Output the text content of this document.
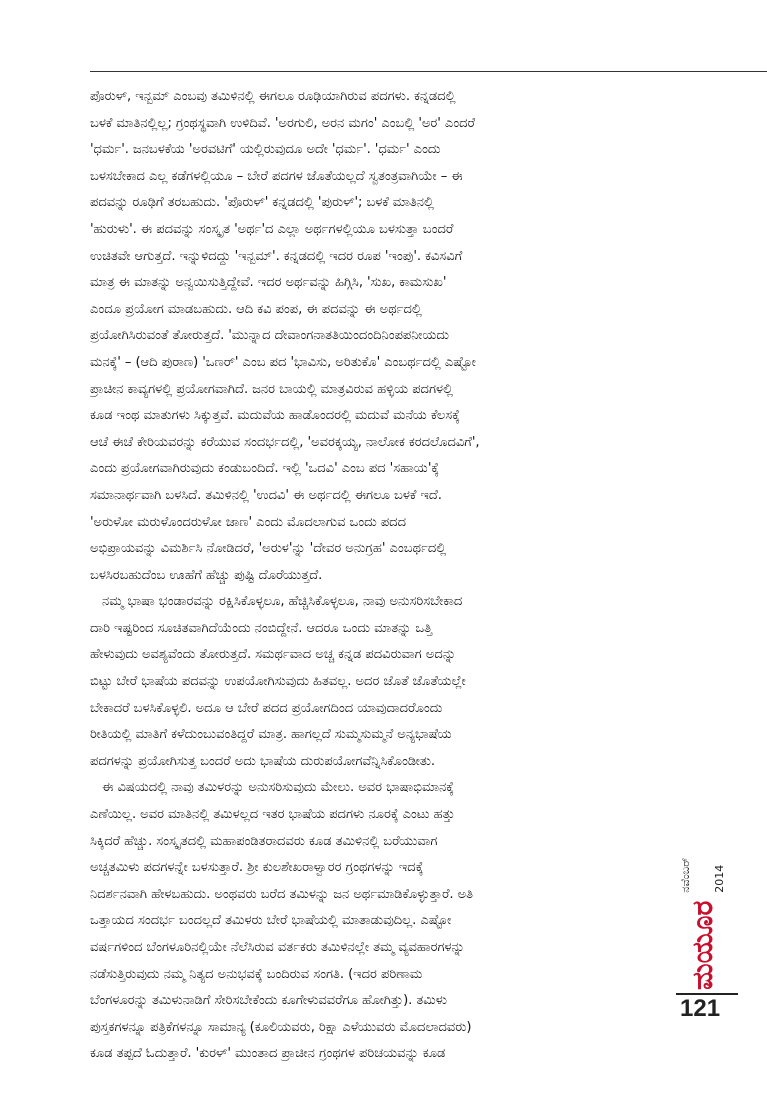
ಪೊರುಳ್, ಇನ್ಬಮ್ ಎಂಬವು ತಮಿಳಿನಲ್ಲಿ ಈಗಲೂ ರೂಢಿಯಾಗಿರುವ ಪದಗಳು. ಕನ್ನಡದಲ್ಲಿ
ಬಳಕೆ ಮಾತಿನಲ್ಲಿಲ್ಲ; ಗ್ರಂಥಸ್ಥವಾಗಿ ಉಳಿದಿವೆ. 'ಅರಗುಲಿ, ಅರನ ಮಗಂ' ಎಂಬಲ್ಲಿ 'ಅರ' ಎಂದರೆ
'ಧರ್ಮ'. ಜನಬಳಕೆಯ 'ಅರವಟಿಗೆ' ಯಲ್ಲಿರುವುದೂ ಅದೇ 'ಧರ್ಮ'. 'ಧರ್ಮ' ಎಂದು
ಬಳಸಬೇಕಾದ ಎಲ್ಲ ಕಡೆಗಳಲ್ಲಿಯೂ – ಬೇರೆ ಪದಗಳ ಜೊತೆಯಲ್ಲದೆ ಸ್ವತಂತ್ರವಾಗಿಯೇ – ಈ
ಪದವನ್ನು ರೂಢಿಗೆ ತರಬಹುದು. 'ಪೊರುಳ್' ಕನ್ನಡದಲ್ಲಿ 'ಪುರುಳ್'; ಬಳಕೆ ಮಾತಿನಲ್ಲಿ
'ಹುರುಳು'. ಈ ಪದವನ್ನು ಸಂಸ್ಕೃತ 'ಅರ್ಥ'ದ ಎಲ್ಲಾ ಅರ್ಥಗಳಲ್ಲಿಯೂ ಬಳಸುತ್ತಾ ಬಂದರೆ
ಉಚಿತವೇ ಆಗುತ್ತದೆ. ಇನ್ನುಳಿದದ್ದು 'ಇನ್ಬಮ್'. ಕನ್ನಡದಲ್ಲಿ ಇದರ ರೂಪ 'ಇಂಪು'. ಕವಿಸವಿಗೆ
ಮಾತ್ರ ಈ ಮಾತನ್ನು ಅನ್ವಯಿಸುತ್ತಿದ್ದೇವೆ. ಇದರ ಅರ್ಥವನ್ನು ಹಿಗ್ಗಿಸಿ, 'ಸುಖ, ಕಾಮಸುಖ'
ಎಂದೂ ಪ್ರಯೋಗ ಮಾಡಬಹುದು. ಆದಿ ಕವಿ ಪಂಪ, ಈ ಪದವನ್ನು ಈ ಅರ್ಥದಲ್ಲಿ
ಪ್ರಯೋಗಿಸಿರುವಂತೆ ತೋರುತ್ತದೆ. 'ಮುನ್ನಾದ ದೇವಾಂಗನಾತತಿಯಿಂದಂದಿನಿಂಪಪನೀಯದು
ಮನಕ್ಕೆ' – (ಆದಿ ಪುರಾಣ) 'ಒಣರ್' ಎಂಬ ಪದ 'ಭಾವಿಸು, ಅರಿತುಕೊ' ಎಂಬರ್ಥದಲ್ಲಿ ಎಷ್ಟೋ
ಪ್ರಾಚೀನ ಕಾವ್ಯಗಳಲ್ಲಿ ಪ್ರಯೋಗವಾಗಿದೆ. ಜನರ ಬಾಯಲ್ಲಿ ಮಾತ್ರವಿರುವ ಹಳ್ಳಿಯ ಪದಗಳಲ್ಲಿ
ಕೂಡ ಇಂಥ ಮಾತುಗಳು ಸಿಕ್ಕುತ್ತವೆ. ಮದುವೆಯ ಹಾಡೊಂದರಲ್ಲಿ ಮದುವೆ ಮನೆಯ ಕೆಲಸಕ್ಕೆ
ಆಚೆ ಈಚೆ ಕೇರಿಯವರನ್ನು ಕರೆಯುವ ಸಂದರ್ಭದಲ್ಲಿ, 'ಅವರಕ್ಕಯ್ಯ, ನಾಲೋಕ ಕರದಲೊದವಿಗೆ',
ಎಂದು ಪ್ರಯೋಗವಾಗಿರುವುದು ಕಂಡುಬಂದಿದೆ. ಇಲ್ಲಿ 'ಒದವಿ' ಎಂಬ ಪದ 'ಸಹಾಯ'ಕ್ಕೆ
ಸಮಾನಾರ್ಥವಾಗಿ ಬಳಸಿದೆ. ತಮಿಳಿನಲ್ಲಿ 'ಉದವಿ' ಈ ಅರ್ಥದಲ್ಲಿ ಈಗಲೂ ಬಳಕೆ ಇದೆ.
'ಅರುಳೋ ಮರುಳೊಂದರುಳೋ ಜಾಣ' ಎಂದು ಮೊದಲಾಗುವ ಒಂದು ಪದದ
ಅಭಿಪ್ರಾಯವನ್ನು ವಿಮರ್ಶಿಸಿ ನೋಡಿದರೆ, 'ಅರುಳ'ನ್ನು 'ದೇವರ ಅನುಗ್ರಹ' ಎಂಬರ್ಥದಲ್ಲಿ
ಬಳಸಿರಬಹುದೆಂಬ ಊಹೆಗೆ ಹೆಚ್ಚು ಪುಷ್ಟಿ ದೊರೆಯುತ್ತದೆ.
ನಮ್ಮ ಭಾಷಾ ಭಂಡಾರವನ್ನು ರಕ್ಷಿಸಿಕೊಳ್ಳಲೂ, ಹೆಚ್ಚಿಸಿಕೊಳ್ಳಲೂ, ನಾವು ಅನುಸರಿಸಬೇಕಾದ
ದಾರಿ ಇಷ್ಟರಿಂದ ಸೂಚಿತವಾಗಿದೆಯೆಂದು ನಂಬಿದ್ದೇನೆ. ಆದರೂ ಒಂದು ಮಾತನ್ನು ಒತ್ತಿ
ಹೇಳುವುದು ಅವಶ್ಯವೆಂದು ತೋರುತ್ತದೆ. ಸಮರ್ಥವಾದ ಅಚ್ಚ ಕನ್ನಡ ಪದವಿರುವಾಗ ಅದನ್ನು
ಬಿಟ್ಟು ಬೇರೆ ಭಾಷೆಯ ಪದವನ್ನು ಉಪಯೋಗಿಸುವುದು ಹಿತವಲ್ಲ. ಅದರ ಜೊತೆ ಜೊತೆಯಲ್ಲೇ
ಬೇಕಾದರೆ ಬಳಸಿಕೊಳ್ಳಲಿ. ಅದೂ ಆ ಬೇರೆ ಪದದ ಪ್ರಯೋಗದಿಂದ ಯಾವುದಾದರೊಂದು
ರೀತಿಯಲ್ಲಿ ಮಾತಿಗೆ ಕಳೆದುಂಬುವಂತಿದ್ದರೆ ಮಾತ್ರ. ಹಾಗಲ್ಲದೆ ಸುಮ್ಮಸುಮ್ಮನೆ ಅನ್ಯಭಾಷೆಯ
ಪದಗಳನ್ನು ಪ್ರಯೋಗಿಸುತ್ತ ಬಂದರೆ ಅದು ಭಾಷೆಯ ದುರುಪಯೋಗವೆನ್ನಿಸಿಕೊಂಡೀತು.
ಈ ವಿಷಯದಲ್ಲಿ ನಾವು ತಮಿಳರನ್ನು ಅನುಸರಿಸುವುದು ಮೇಲು. ಅವರ ಭಾಷಾಭಿಮಾನಕ್ಕೆ
ಎಣೆಯಿಲ್ಲ. ಅವರ ಮಾತಿನಲ್ಲಿ ತಮಿಳಲ್ಲದ ಇತರ ಭಾಷೆಯ ಪದಗಳು ನೂರಕ್ಕೆ ಎಂಟು ಹತ್ತು
ಸಿಕ್ಕಿದರೆ ಹೆಚ್ಚು. ಸಂಸ್ಕೃತದಲ್ಲಿ ಮಹಾಪಂಡಿತರಾದವರು ಕೂಡ ತಮಿಳಿನಲ್ಲಿ ಬರೆಯುವಾಗ
ಅಚ್ಚತಮಿಳು ಪದಗಳನ್ನೇ ಬಳಸುತ್ತಾರೆ. ಶ್ರೀ ಕುಲಶೇಖರಾಳ್ವಾರರ ಗ್ರಂಥಗಳನ್ನು ಇದಕ್ಕೆ
ನಿದರ್ಶನವಾಗಿ ಹೇಳಬಹುದು. ಅಂಥವರು ಬರೆದ ತಮಿಳನ್ನು ಜನ ಅರ್ಥಮಾಡಿಕೊಳ್ಳುತ್ತಾರೆ. ಅತಿ
ಒತ್ತಾಯದ ಸಂದರ್ಭ ಬಂದಲ್ಲದೆ ತಮಿಳರು ಬೇರೆ ಭಾಷೆಯಲ್ಲಿ ಮಾತಾಡುವುದಿಲ್ಲ. ಎಷ್ಟೋ
ವರ್ಷಗಳಿಂದ ಬೆಂಗಳೂರಿನಲ್ಲಿಯೇ ನೆಲೆಸಿರುವ ವರ್ತಕರು ತಮಿಳಿನಲ್ಲೇ ತಮ್ಮ ವ್ಯವಹಾರಗಳನ್ನು
ನಡೆಸುತ್ತಿರುವುದು ನಮ್ಮ ನಿತ್ಯದ ಅನುಭವಕ್ಕೆ ಬಂದಿರುವ ಸಂಗತಿ. (ಇದರ ಪರಿಣಾಮ
ಬೆಂಗಳೂರನ್ನು ತಮಿಳುನಾಡಿಗೆ ಸೇರಿಸಬೇಕೆಂದು ಕೂಗೇಳುವವರೆಗೂ ಹೋಗಿತ್ತು). ತಮಿಳು
ಪುಸ್ತಕಗಳನ್ನೂ ಪತ್ರಿಕೆಗಳನ್ನೂ ಸಾಮಾನ್ಯ (ಕೂಲಿಯವರು, ರಿಕ್ಷಾ ಎಳೆಯುವರು ಮೊದಲಾದವರು)
ಕೂಡ ತಪ್ಪದೆ ಓದುತ್ತಾರೆ. 'ಕುರಳ್' ಮುಂತಾದ ಪ್ರಾಚೀನ ಗ್ರಂಥಗಳ ಪರಿಚಯವನ್ನು ಕೂಡ
ಮಯೂರ
ನವೆಂಬರ್ 2014
121
